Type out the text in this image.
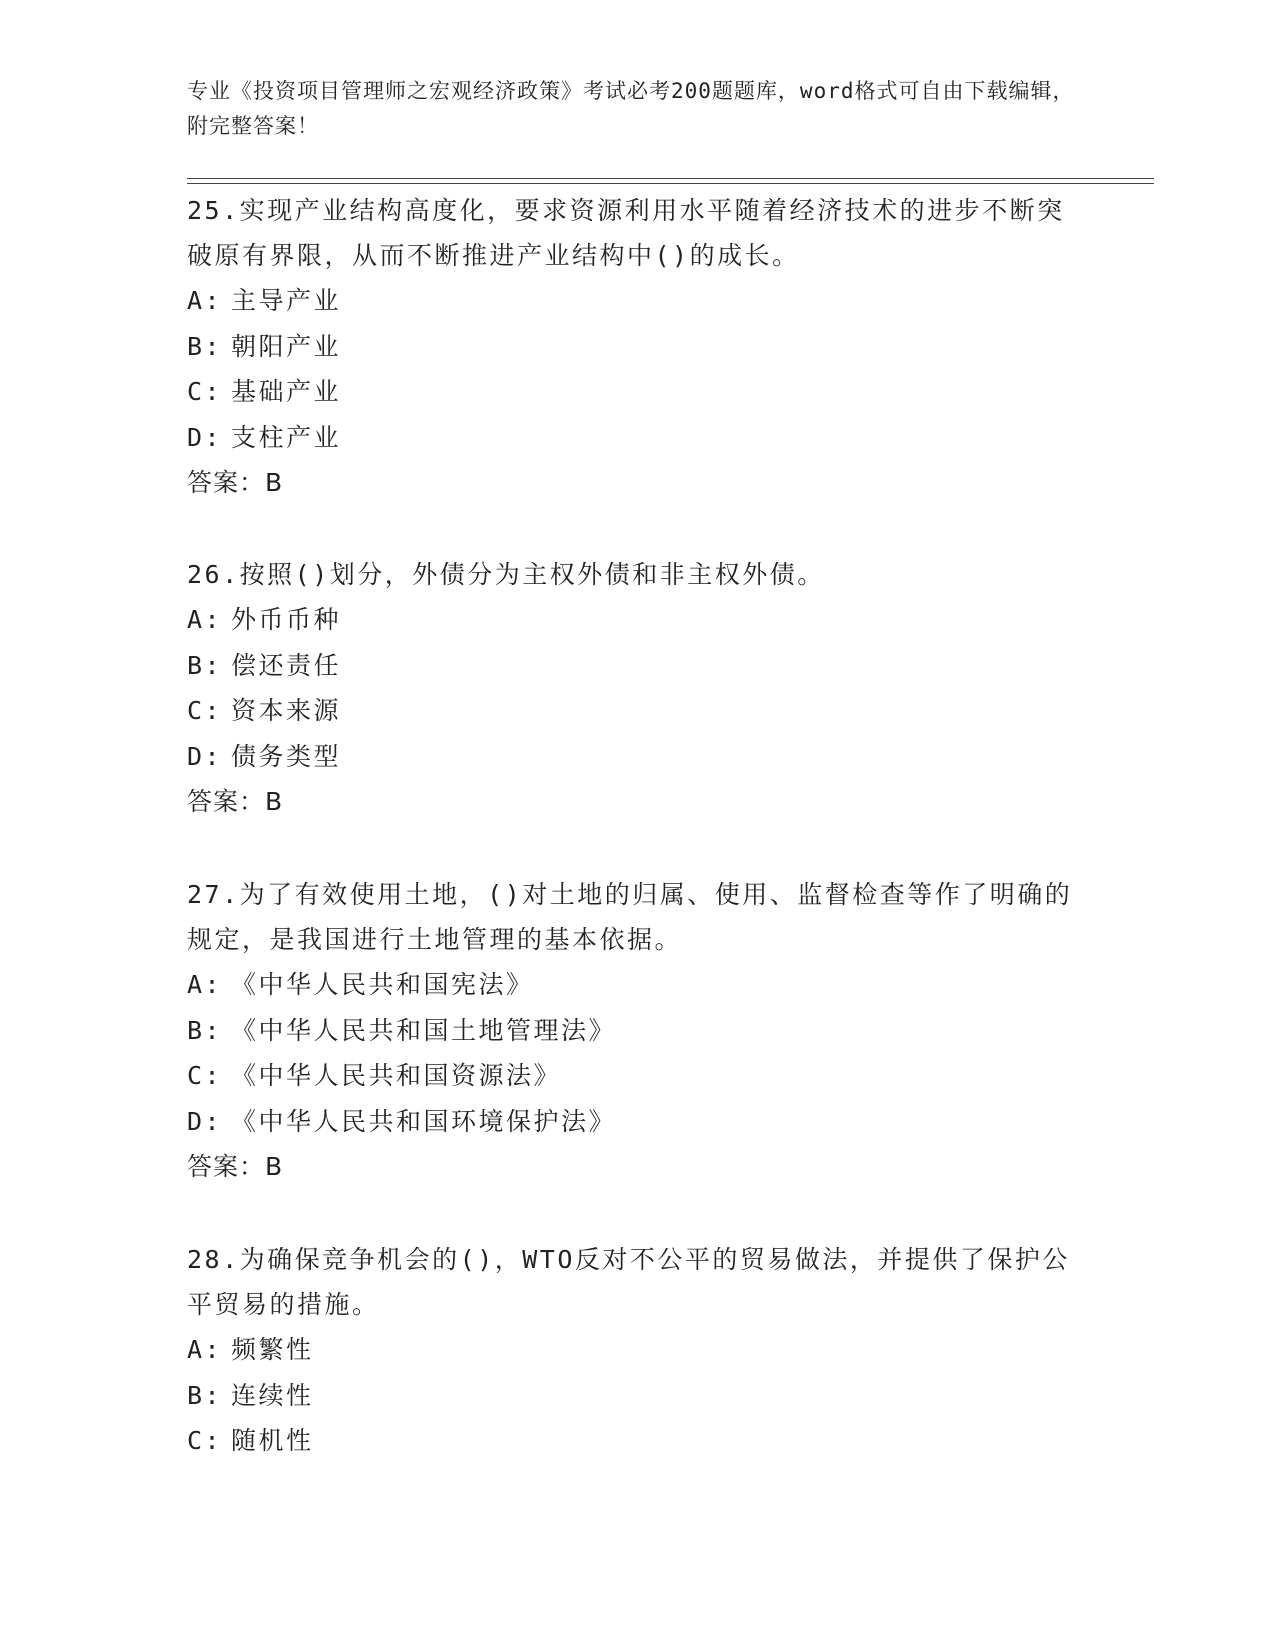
专业《投资项目管理师之宏观经济政策》考试必考200题题库，word格式可自由下载编辑，附完整答案！

25.实现产业结构高度化，要求资源利用水平随着经济技术的进步不断突破原有界限，从而不断推进产业结构中()的成长。

A: 主导产业

B: 朝阳产业

C: 基础产业

D: 支柱产业

答案：B

26.按照()划分，外债分为主权外债和非主权外债。

A: 外币币种

B: 偿还责任

C: 资本来源

D: 债务类型

答案：B

27.为了有效使用土地，()对土地的归属、使用、监督检查等作了明确的规定，是我国进行土地管理的基本依据。

A: 《中华人民共和国宪法》

B: 《中华人民共和国土地管理法》

C: 《中华人民共和国资源法》

D: 《中华人民共和国环境保护法》

答案：B

28.为确保竞争机会的()，WTO反对不公平的贸易做法，并提供了保护公平贸易的措施。

A: 频繁性

B: 连续性

C: 随机性
